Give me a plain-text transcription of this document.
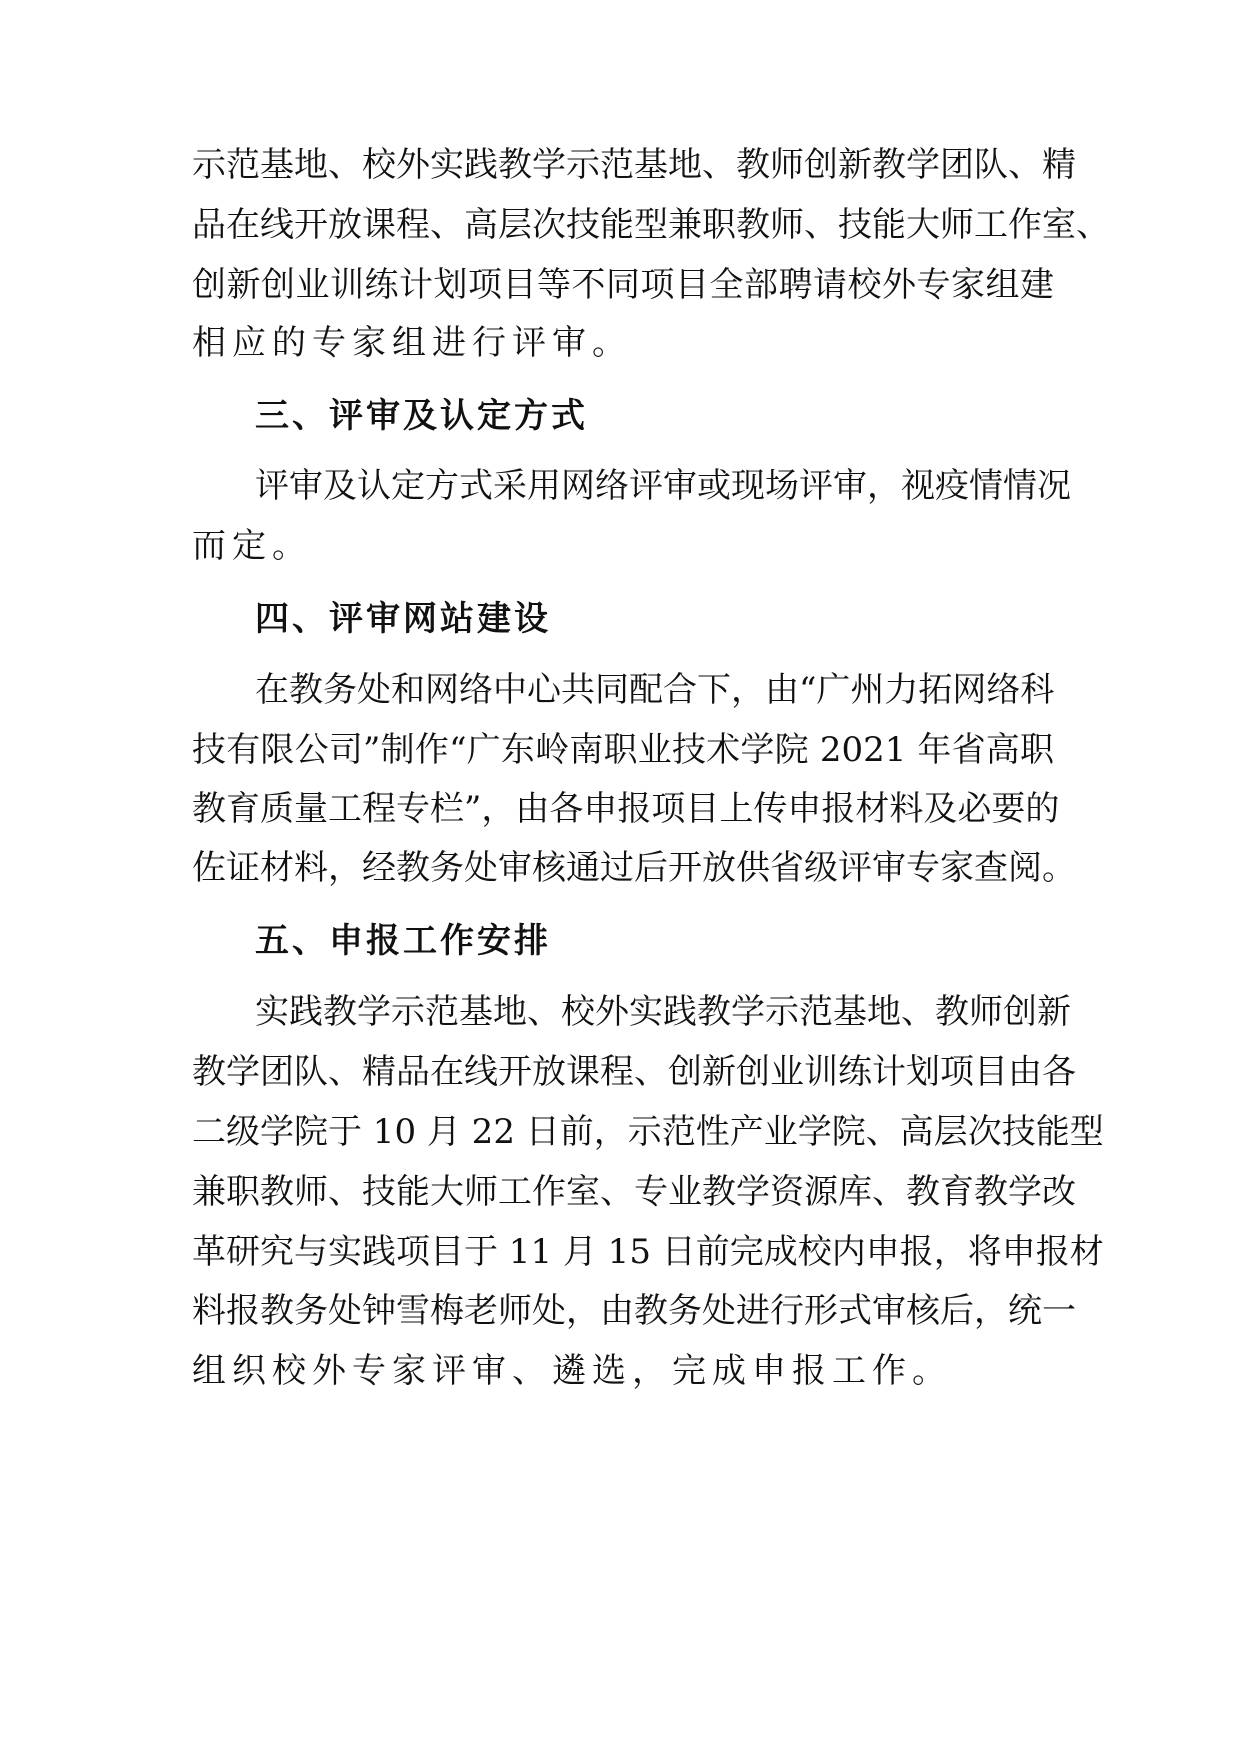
示范基地、校外实践教学示范基地、教师创新教学团队、精
品在线开放课程、高层次技能型兼职教师、技能大师工作室、
创新创业训练计划项目等不同项目全部聘请校外专家组建
相应的专家组进行评审。
三、评审及认定方式
评审及认定方式采用网络评审或现场评审，视疫情情况
而定。
四、评审网站建设
在教务处和网络中心共同配合下，由“广州力拓网络科
技有限公司”制作“广东岭南职业技术学院 2021 年省高职
教育质量工程专栏”，由各申报项目上传申报材料及必要的
佐证材料，经教务处审核通过后开放供省级评审专家查阅。
五、申报工作安排
实践教学示范基地、校外实践教学示范基地、教师创新
教学团队、精品在线开放课程、创新创业训练计划项目由各
二级学院于 10 月 22 日前，示范性产业学院、高层次技能型
兼职教师、技能大师工作室、专业教学资源库、教育教学改
革研究与实践项目于 11 月 15 日前完成校内申报，将申报材
料报教务处钟雪梅老师处，由教务处进行形式审核后，统一
组织校外专家评审、遴选，完成申报工作。
